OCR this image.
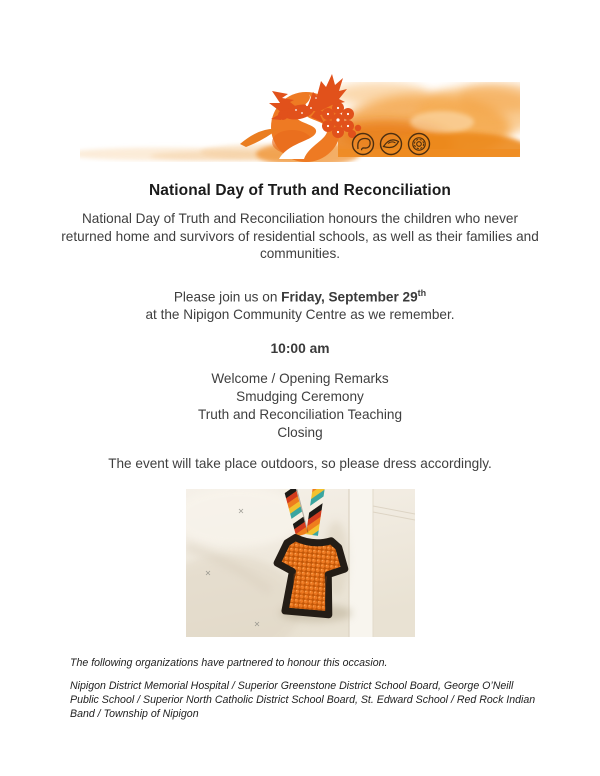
National Day of Truth and Reconciliation
National Day of Truth and Reconciliation honours the children who never returned home and survivors of residential schools, as well as their families and communities.
Please join us on Friday, September 29th
at the Nipigon Community Centre as we remember.
10:00 am
Welcome / Opening Remarks
Smudging Ceremony
Truth and Reconciliation Teaching
Closing
The event will take place outdoors, so please dress accordingly.
The following organizations have partnered to honour this occasion.
Nipigon District Memorial Hospital / Superior Greenstone District School Board, George O’Neill Public School / Superior North Catholic District School Board, St. Edward School / Red Rock Indian Band / Township of Nipigon
